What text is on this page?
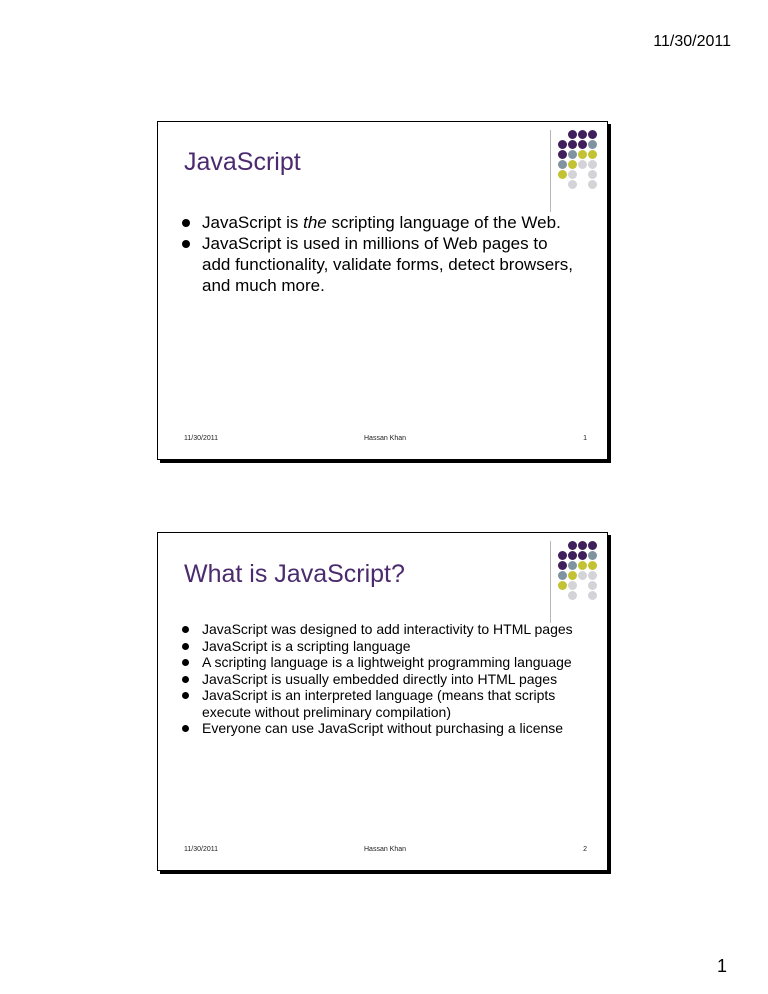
11/30/2011
JavaScript
JavaScript is the scripting language of the Web.
JavaScript is used in millions of Web pages to add functionality, validate forms, detect browsers, and much more.
11/30/2011	Hassan Khan	1
What is JavaScript?
JavaScript was designed to add interactivity to HTML pages
JavaScript is a scripting language
A scripting language is a lightweight programming language
JavaScript is usually embedded directly into HTML pages
JavaScript is an interpreted language (means that scripts execute without preliminary compilation)
Everyone can use JavaScript without purchasing a license
11/30/2011	Hassan Khan	2
1
